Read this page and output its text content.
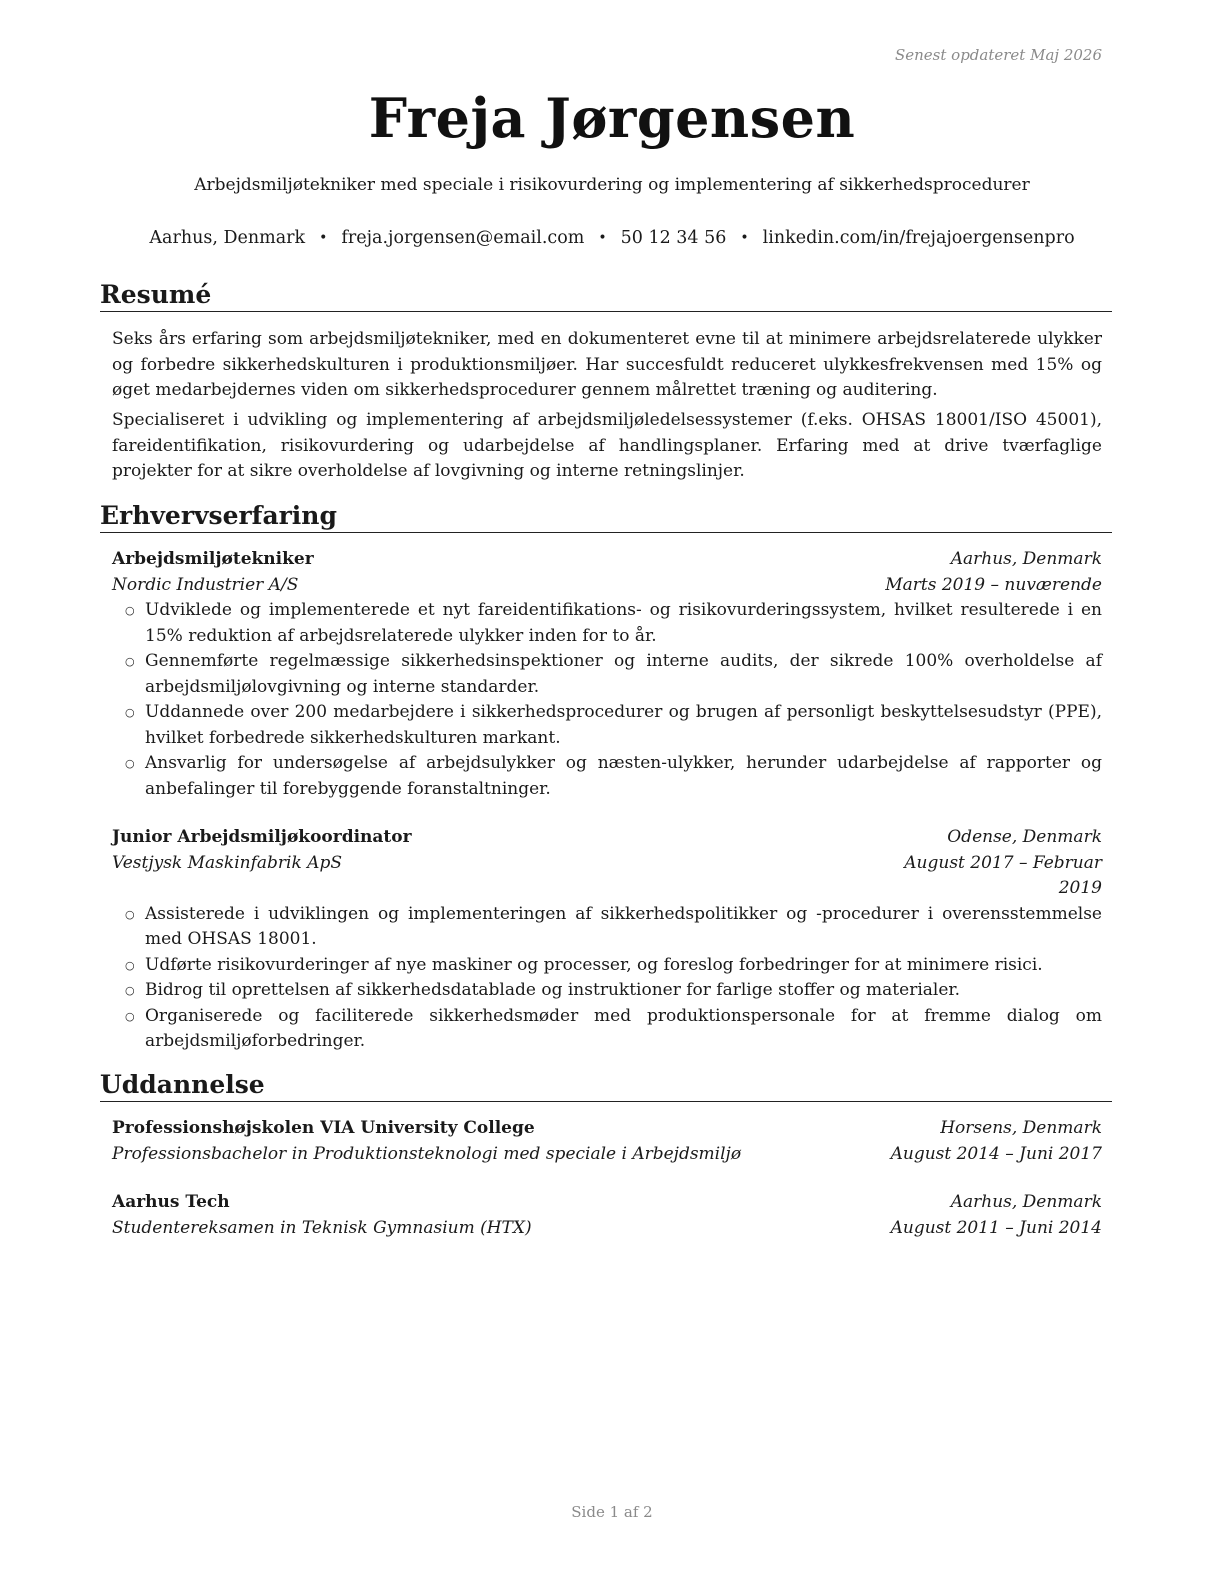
Senest opdateret Maj 2026
Freja Jørgensen
Arbejdsmiljøtekniker med speciale i risikovurdering og implementering af sikkerhedsprocedurer
Aarhus, Denmark • freja.jorgensen@email.com • 50 12 34 56 • linkedin.com/in/frejajoergensenpro
Resumé
Seks års erfaring som arbejdsmiljøtekniker, med en dokumenteret evne til at minimere arbejdsrelaterede ulykker og forbedre sikkerhedskulturen i produktionsmiljøer. Har succesfuldt reduceret ulykkesfrekvensen med 15% og øget medarbejdernes viden om sikkerhedsprocedurer gennem målrettet træning og auditering.
Specialiseret i udvikling og implementering af arbejdsmiljøledelsessystemer (f.eks. OHSAS 18001/ISO 45001), fareidentifikation, risikovurdering og udarbejdelse af handlingsplaner. Erfaring med at drive tværfaglige projekter for at sikre overholdelse af lovgivning og interne retningslinjer.
Erhvervserfaring
Arbejdsmiljøtekniker	Aarhus, Denmark
Nordic Industrier A/S	Marts 2019 – nuværende
○ Udviklede og implementerede et nyt fareidentifikations- og risikovurderingssystem, hvilket resulterede i en 15% reduktion af arbejdsrelaterede ulykker inden for to år.
○ Gennemførte regelmæssige sikkerhedsinspektioner og interne audits, der sikrede 100% overholdelse af arbejdsmiljølovgivning og interne standarder.
○ Uddannede over 200 medarbejdere i sikkerhedsprocedurer og brugen af personligt beskyttelsesudstyr (PPE), hvilket forbedrede sikkerhedskulturen markant.
○ Ansvarlig for undersøgelse af arbejdsulykker og næsten-ulykker, herunder udarbejdelse af rapporter og anbefalinger til forebyggende foranstaltninger.
Junior Arbejdsmiljøkoordinator	Odense, Denmark
Vestjysk Maskinfabrik ApS	August 2017 – Februar
2019
○ Assisterede i udviklingen og implementeringen af sikkerhedspolitikker og -procedurer i overensstemmelse med OHSAS 18001.
○ Udførte risikovurderinger af nye maskiner og processer, og foreslog forbedringer for at minimere risici.
○ Bidrog til oprettelsen af sikkerhedsdatablade og instruktioner for farlige stoffer og materialer.
○ Organiserede og faciliterede sikkerhedsmøder med produktionspersonale for at fremme dialog om arbejdsmiljøforbedringer.
Uddannelse
Professionshøjskolen VIA University College	Horsens, Denmark
Professionsbachelor in Produktionsteknologi med speciale i Arbejdsmiljø	August 2014 – Juni 2017
Aarhus Tech	Aarhus, Denmark
Studentereksamen in Teknisk Gymnasium (HTX)	August 2011 – Juni 2014
Side 1 af 2
